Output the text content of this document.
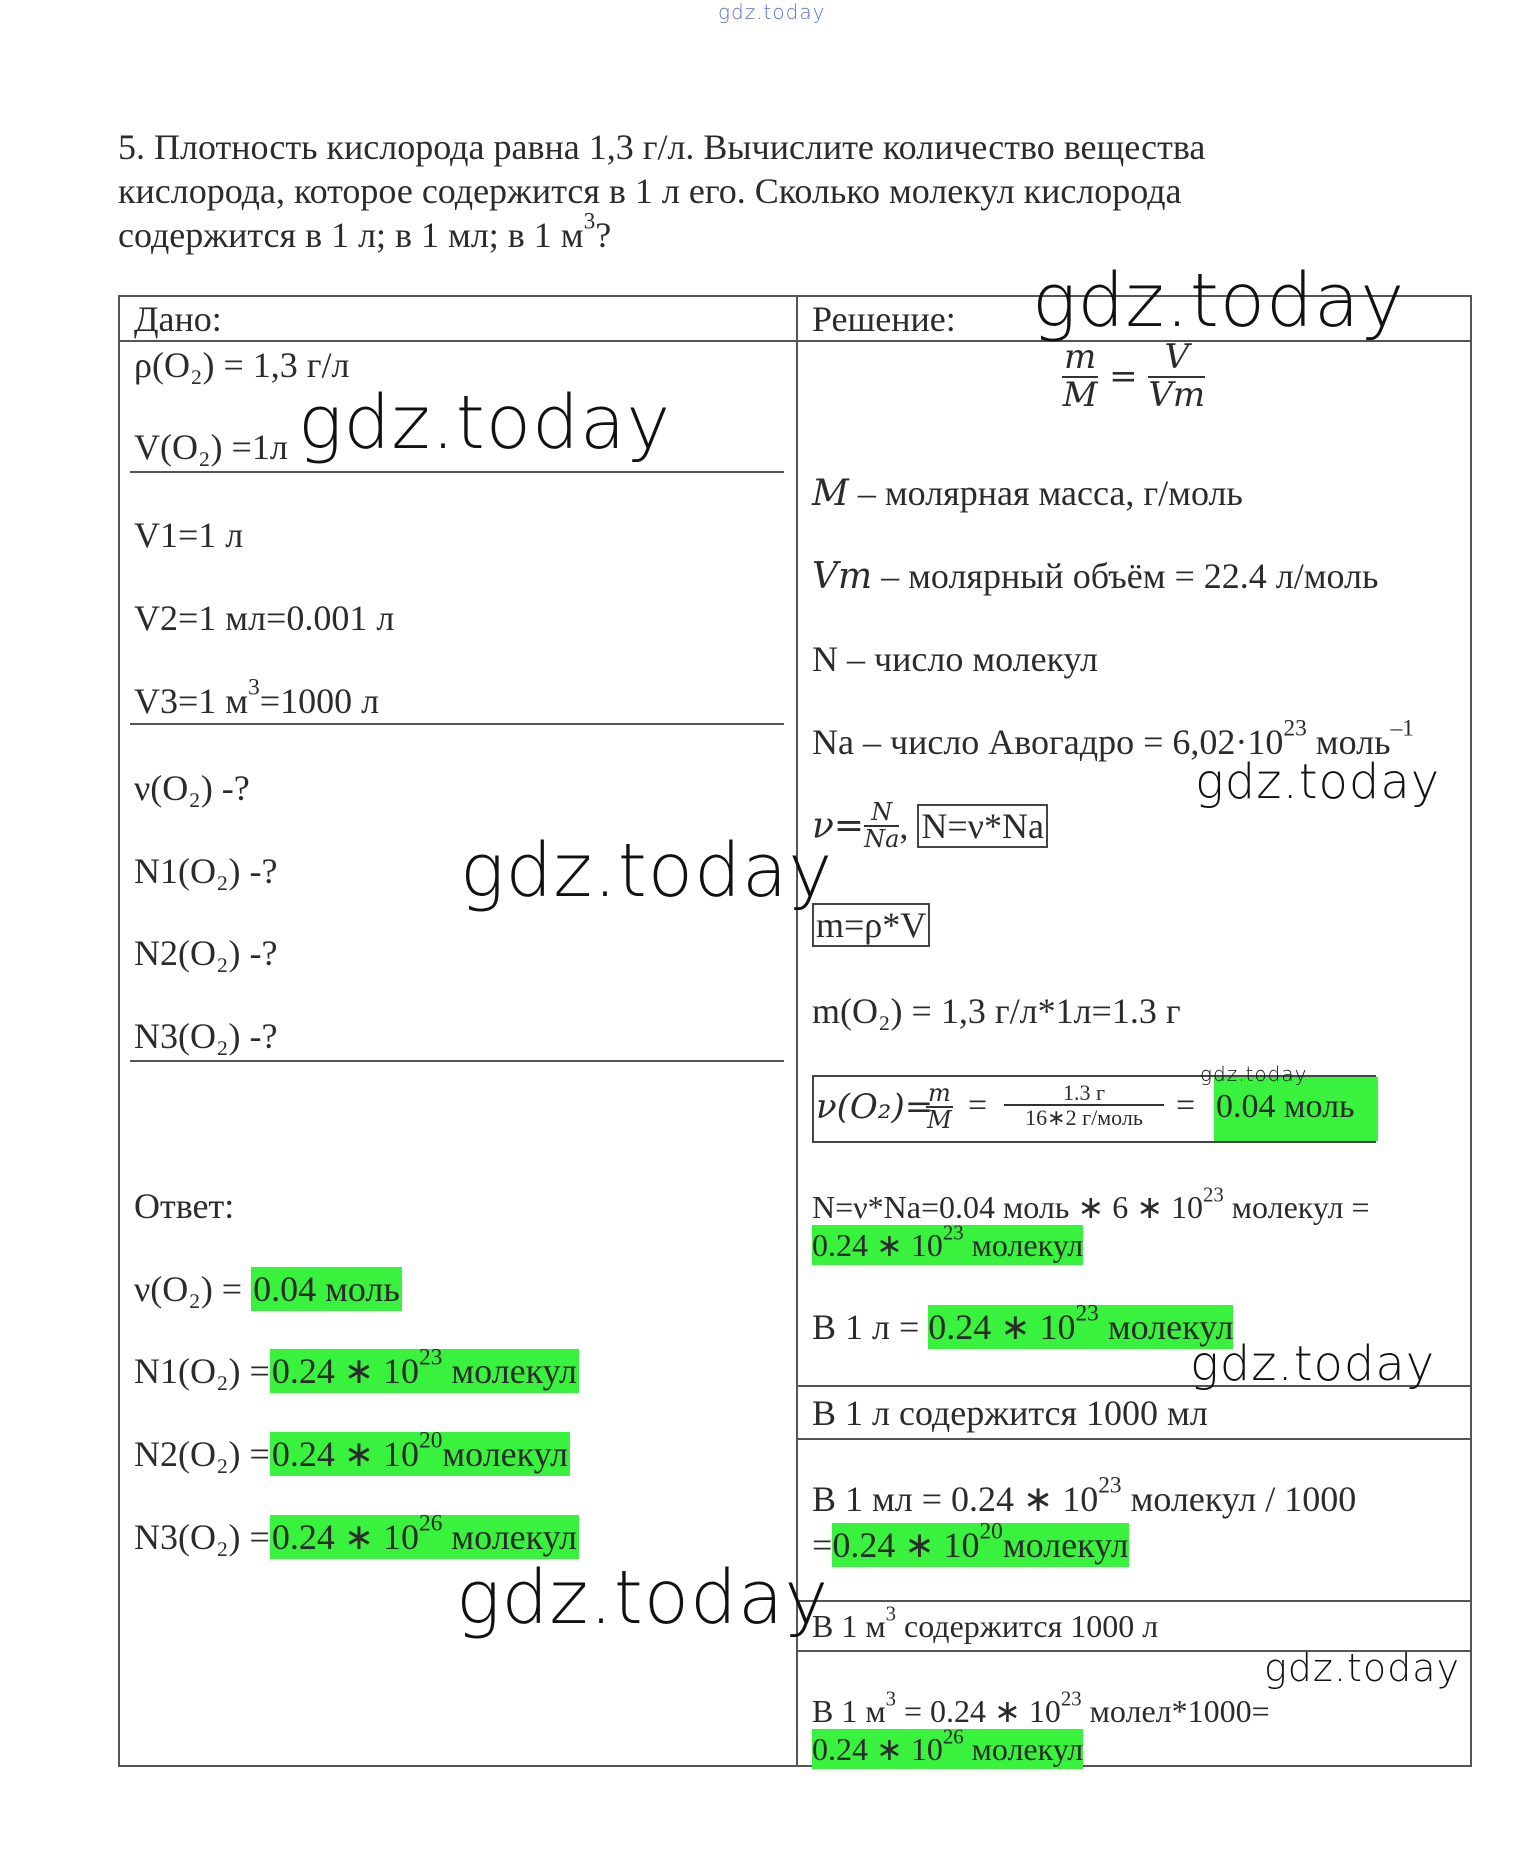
gdz.today
5. Плотность кислорода равна 1,3 г/л. Вычислите количество вещества
кислорода, которое содержится в 1 л его. Сколько молекул кислорода
содержится в 1 л; в 1 мл; в 1 $м^3$?
Дано:
ρ(O₂) = 1,3 г/л
V(O₂) =1л
V1=1 л
V2=1 мл=0.001 л
V3=1 $м^3=1000$ л
ν(O₂) -?
N1(O₂) -?
N2(O₂) -?
N3(O₂) -?
Ответ:
ν(O₂) = 0.04 моль
N1(O₂) =0.24 ∗ $10^{23}$ молекул
N2(O₂) =0.24 ∗ $10^{20}молекул$
N3(O₂) =0.24 ∗ $10^{26}$ молекул
Решение:
$\frac{m}{M} = \frac{V}{Vm}$
M – молярная масса, г/моль
Vm – молярный объём = 22.4 л/моль
N – число молекул
Na – число Авогадро = $6,02\cdot 10^{23}$ моль$^{-1}$
$\nu= \frac{N}{Na}$ , N=ν*Na
m=ρ*V
m(O₂) = 1,3 г/л*1л=1.3 г
ν(O₂)=
$\frac{m}{M}$ =	1.3 г
16∗2 г/моль = 0.04 моль
N=ν*Na=0.04 моль ∗ 6 ∗ $10^{23}$ молекул =
0.24 ∗ $10^{23}$ молекул
В 1 л = 0.24 ∗ $10^{23}$ молекул
В 1 л содержится 1000 мл
В 1 мл = 0.24 ∗ $10^{23}$ молекул / 1000
=0.24 ∗ $10^{20}молекул$
В 1 $м^3$ содержится 1000 л
В 1 $м^3 = 0.24$ ∗ $10^{23}$ молел*1000=
0.24 ∗ $10^{26}$ молекул
gdz.today
gdz.today
gdz.today
gdz.today
gdz.today
gdz.today
gdz.today
gdz.today
